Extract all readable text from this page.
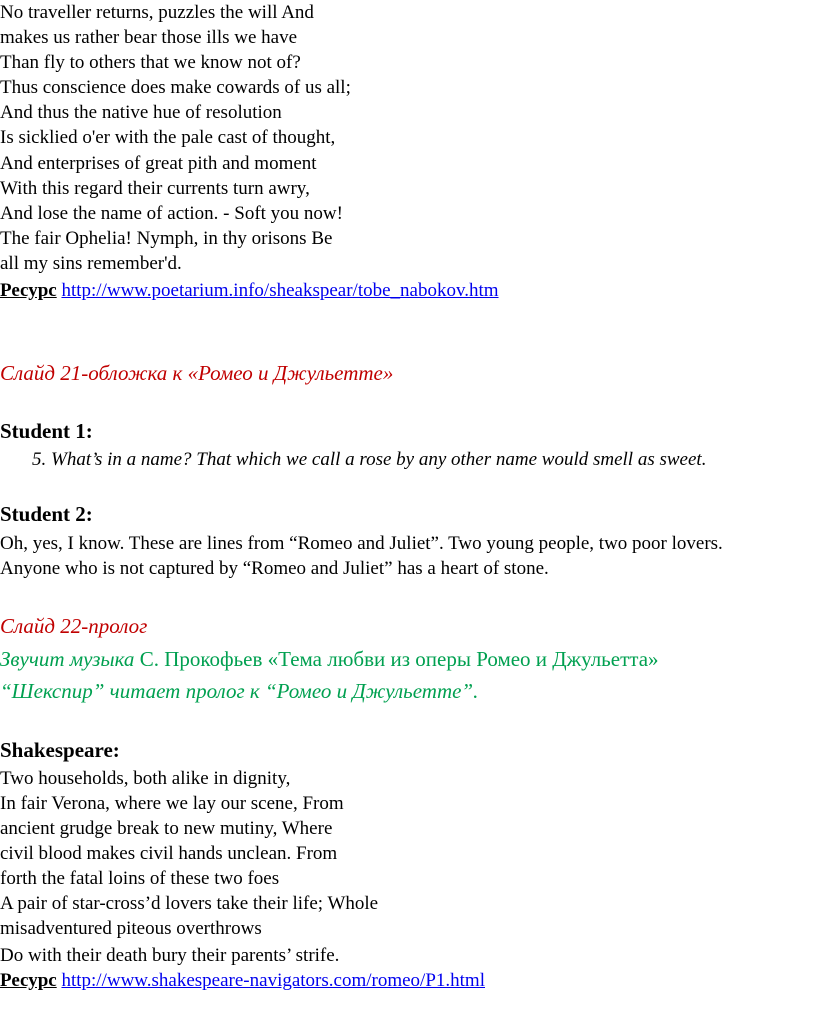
No traveller returns, puzzles the will And
makes us rather bear those ills we have
Than fly to others that we know not of?
Thus conscience does make cowards of us all;
And thus the native hue of resolution
Is sicklied o'er with the pale cast of thought,
And enterprises of great pith and moment
With this regard their currents turn awry,
And lose the name of action. - Soft you now!
The fair Ophelia! Nymph, in thy orisons Be
all my sins remember'd.
Ресурс http://www.poetarium.info/sheakspear/tobe_nabokov.htm
Слайд 21-обложка к «Ромео и Джульетте»
Student 1:
5. What’s in a name? That which we call a rose by any other name would smell as sweet.
Student 2:
Oh, yes, I know. These are lines from “Romeo and Juliet”. Two young people, two poor lovers.
Anyone who is not captured by “Romeo and Juliet” has a heart of stone.
Слайд 22-пролог
Звучит музыка С. Прокофьев «Тема любви из оперы Ромео и Джульетта»
“Шекспир” читает пролог к “Ромео и Джульетте”.
Shakespeare:
Two households, both alike in dignity,
In fair Verona, where we lay our scene, From
ancient grudge break to new mutiny, Where
civil blood makes civil hands unclean. From
forth the fatal loins of these two foes
A pair of star-cross’d lovers take their life; Whole
misadventured piteous overthrows
Do with their death bury their parents’ strife.
Ресурс http://www.shakespeare-navigators.com/romeo/P1.html
